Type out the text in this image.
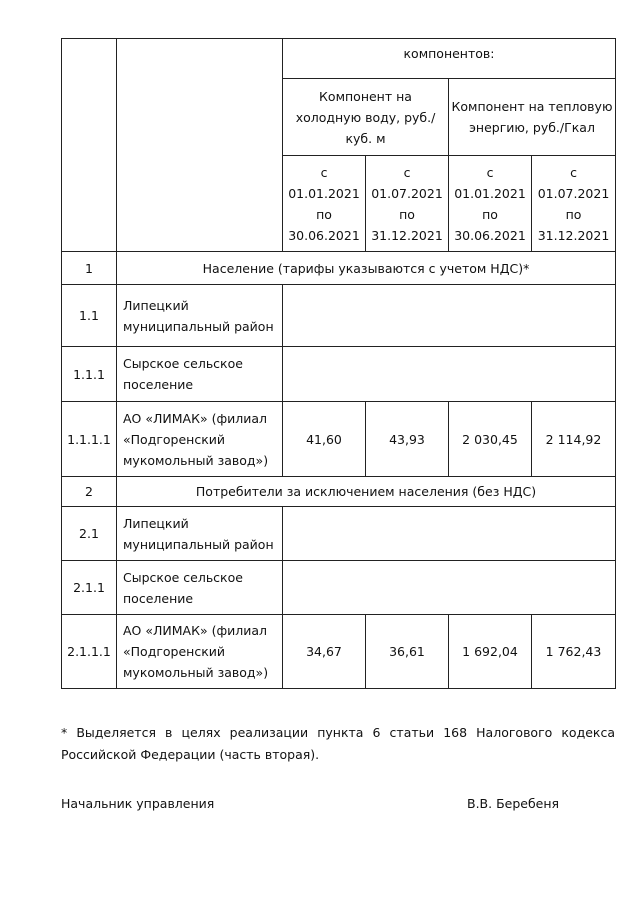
		компонентов:			
		Компонент на холодную воду, руб./куб. м		Компонент на тепловую энергию, руб./Гкал	
		с 01.01.2021 по 30.06.2021	с 01.07.2021 по 31.12.2021	с 01.01.2021 по 30.06.2021	с 01.07.2021 по 31.12.2021
1	Население (тарифы указываются с учетом НДС)*				
1.1	Липецкий муниципальный район				
1.1.1	Сырское сельское поселение				
1.1.1.1	АО «ЛИМАК» (филиал «Подгоренский мукомольный завод»)	41,60	43,93	2 030,45	2 114,92
2	Потребители за исключением населения (без НДС)				
2.1	Липецкий муниципальный район				
2.1.1	Сырское сельское поселение				
2.1.1.1	АО «ЛИМАК» (филиал «Подгоренский мукомольный завод»)	34,67	36,61	1 692,04	1 762,43
* Выделяется в целях реализации пункта 6 статьи 168 Налогового кодекса Российской Федерации (часть вторая).
Начальник управления	В.В. Беребеня
